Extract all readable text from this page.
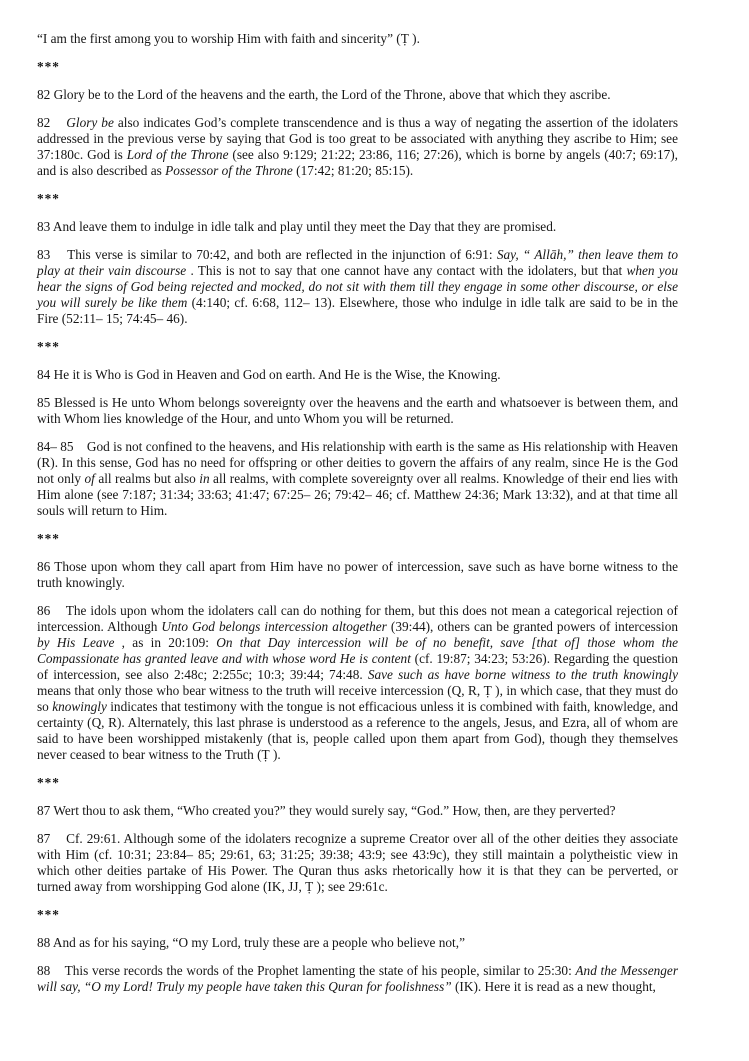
“I am the first among you to worship Him with faith and sincerity” (Ṭ ).
***
82 Glory be to the Lord of the heavens and the earth, the Lord of the Throne, above that which they ascribe.
82    Glory be also indicates God’s complete transcendence and is thus a way of negating the assertion of the idolaters addressed in the previous verse by saying that God is too great to be associated with anything they ascribe to Him; see 37:180c. God is Lord of the Throne (see also 9:129; 21:22; 23:86, 116; 27:26), which is borne by angels (40:7; 69:17), and is also described as Possessor of the Throne (17:42; 81:20; 85:15).
***
83 And leave them to indulge in idle talk and play until they meet the Day that they are promised.
83    This verse is similar to 70:42, and both are reflected in the injunction of 6:91: Say, “ Allāh,” then leave them to play at their vain discourse . This is not to say that one cannot have any contact with the idolaters, but that when you hear the signs of God being rejected and mocked, do not sit with them till they engage in some other discourse, or else you will surely be like them (4:140; cf. 6:68, 112– 13). Elsewhere, those who indulge in idle talk are said to be in the Fire (52:11– 15; 74:45– 46).
***
84 He it is Who is God in Heaven and God on earth. And He is the Wise, the Knowing.
85 Blessed is He unto Whom belongs sovereignty over the heavens and the earth and whatsoever is between them, and with Whom lies knowledge of the Hour, and unto Whom you will be returned.
84– 85    God is not confined to the heavens, and His relationship with earth is the same as His relationship with Heaven (R). In this sense, God has no need for offspring or other deities to govern the affairs of any realm, since He is the God not only of all realms but also in all realms, with complete sovereignty over all realms. Knowledge of their end lies with Him alone (see 7:187; 31:34; 33:63; 41:47; 67:25– 26; 79:42– 46; cf. Matthew 24:36; Mark 13:32), and at that time all souls will return to Him.
***
86 Those upon whom they call apart from Him have no power of intercession, save such as have borne witness to the truth knowingly.
86    The idols upon whom the idolaters call can do nothing for them, but this does not mean a categorical rejection of intercession. Although Unto God belongs intercession altogether (39:44), others can be granted powers of intercession by His Leave , as in 20:109: On that Day intercession will be of no benefit, save [that of] those whom the Compassionate has granted leave and with whose word He is content (cf. 19:87; 34:23; 53:26). Regarding the question of intercession, see also 2:48c; 2:255c; 10:3; 39:44; 74:48. Save such as have borne witness to the truth knowingly means that only those who bear witness to the truth will receive intercession (Q, R, Ṭ ), in which case, that they must do so knowingly indicates that testimony with the tongue is not efficacious unless it is combined with faith, knowledge, and certainty (Q, R). Alternately, this last phrase is understood as a reference to the angels, Jesus, and Ezra, all of whom are said to have been worshipped mistakenly (that is, people called upon them apart from God), though they themselves never ceased to bear witness to the Truth (Ṭ ).
***
87 Wert thou to ask them, “Who created you?” they would surely say, “God.” How, then, are they perverted?
87    Cf. 29:61. Although some of the idolaters recognize a supreme Creator over all of the other deities they associate with Him (cf. 10:31; 23:84– 85; 29:61, 63; 31:25; 39:38; 43:9; see 43:9c), they still maintain a polytheistic view in which other deities partake of His Power. The Quran thus asks rhetorically how it is that they can be perverted, or turned away from worshipping God alone (IK, JJ, Ṭ ); see 29:61c.
***
88 And as for his saying, “O my Lord, truly these are a people who believe not,”
88    This verse records the words of the Prophet lamenting the state of his people, similar to 25:30: And the Messenger will say, “O my Lord! Truly my people have taken this Quran for foolishness” (IK). Here it is read as a new thought,
